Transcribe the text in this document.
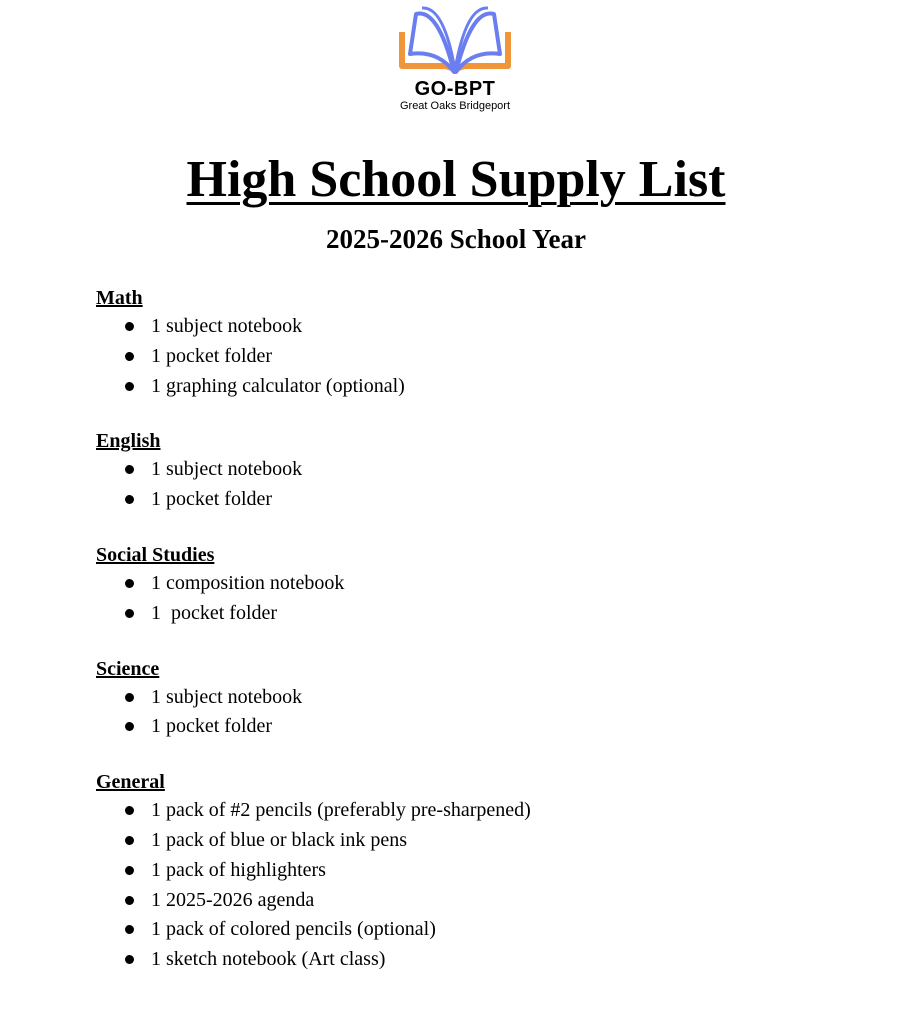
GO-BPT
Great Oaks Bridgeport
High School Supply List
2025-2026 School Year
Math
1 subject notebook
1 pocket folder
1 graphing calculator (optional)
English
1 subject notebook
1 pocket folder
Social Studies
1 composition notebook
1  pocket folder
Science
1 subject notebook
1 pocket folder
General
1 pack of #2 pencils (preferably pre-sharpened)
1 pack of blue or black ink pens
1 pack of highlighters
1 2025-2026 agenda
1 pack of colored pencils (optional)
1 sketch notebook (Art class)
